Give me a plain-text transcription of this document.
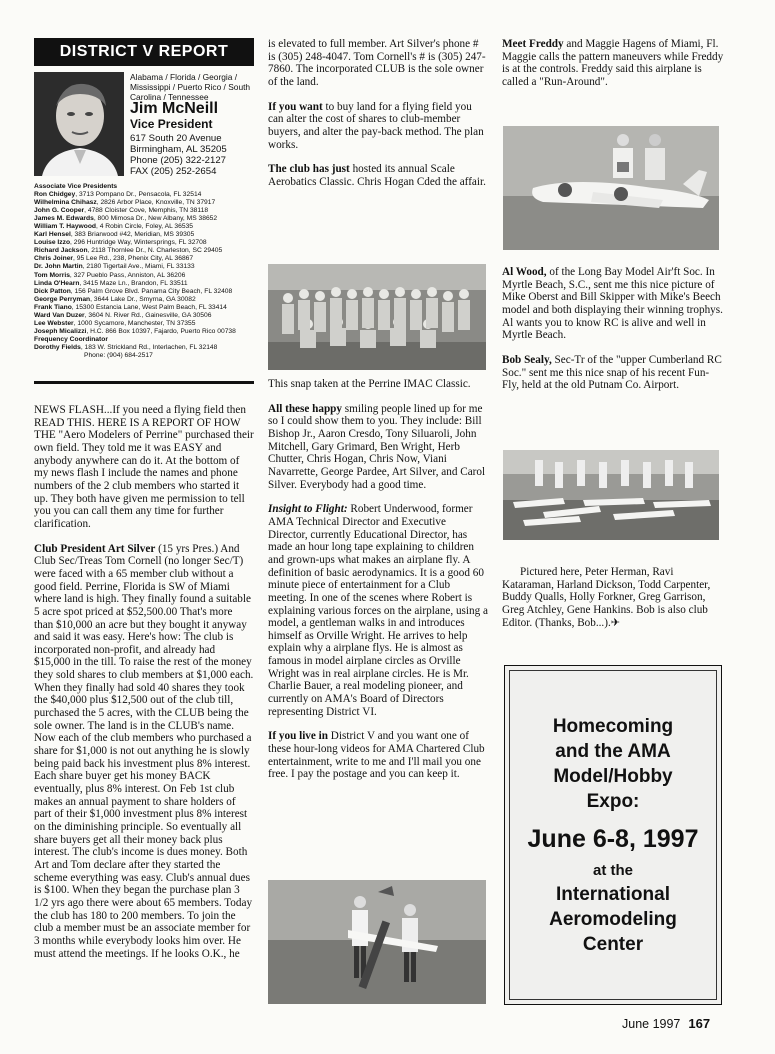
DISTRICT V REPORT
Alabama / Florida / Georgia / Mississippi / Puerto Rico / South Carolina / Tennessee
Jim McNeill
Vice President
617 South 20 Avenue
Birmingham, AL 35205
Phone (205) 322-2127
FAX (205) 252-2654
Associate Vice Presidents
Ron Chidgey, 3713 Pompano Dr., Pensacola, FL 32514
Wilhelmina Chihasz, 2826 Arbor Place, Knoxville, TN 37917
John G. Cooper, 4788 Cloister Cove, Memphis, TN 38118
James M. Edwards, 800 Mimosa Dr., New Albany, MS 38652
William T. Haywood, 4 Robin Circle, Foley, AL 36535
Karl Hensel, 383 Briarwood #42, Meridian, MS 39305
Louise Izzo, 296 Huntridge Way, Wintersprings, FL 32708
Richard Jackson, 2118 Thornlee Dr., N. Charleston, SC 29405
Chris Joiner, 95 Lee Rd., 238, Phenix City, AL 36867
Dr. John Martin, 2180 Tigertail Ave., Miami, FL 33133
Tom Morris, 327 Pueblo Pass, Anniston, AL 36206
Linda O'Hearn, 3415 Maze Ln., Brandon, FL 33511
Dick Patton, 156 Palm Grove Blvd. Panama City Beach, FL 32408
George Perryman, 3644 Lake Dr., Smyrna, GA 30082
Frank Tiano, 15300 Estancia Lane, West Palm Beach, FL 33414
Ward Van Duzer, 3604 N. River Rd., Gainesville, GA 30506
Lee Webster, 1000 Sycamore, Manchester, TN 37355
Joseph Micalizzi, H.C. 866 Box 10397, Fajardo, Puerto Rico 00738
Frequency Coordinator
Dorothy Fields, 183 W. Strickland Rd., Interlachen, FL 32148
Phone: (904) 684-2517

NEWS FLASH...If you need a flying field then READ THIS. HERE IS A REPORT OF HOW THE "Aero Modelers of Perrine" purchased their own field. They told me it was EASY and anybody anywhere can do it. At the bottom of my news flash I include the names and phone numbers of the 2 club members who started it up. They both have given me permission to tell you you can call them any time for further clarification.

Club President Art Silver (15 yrs Pres.) And Club Sec/Treas Tom Cornell (no longer Sec/T) were faced with a 65 member club without a good field. Perrine, Florida is SW of Miami where land is high. They finally found a suitable 5 acre spot priced at $52,500.00 That's more than $10,000 an acre but they bought it anyway and said it was easy. Here's how: The club is incorporated non-profit, and already had $15,000 in the till. To raise the rest of the money they sold shares to club members at $1,000 each. When they finally had sold 40 shares they took the $40,000 plus $12,500 out of the club till, purchased the 5 acres, with the CLUB being the sole owner. The land is in the CLUB's name. Now each of the club members who purchased a share for $1,000 is not out anything he is slowly being paid back his investment plus 8% interest. Each share buyer get his money BACK eventually, plus 8% interest. On Feb 1st club makes an annual payment to share holders of part of their $1,000 investment plus 8% interest on the diminishing principle. So eventually all share buyers get all their money back plus interest. The club's income is dues money. Both Art and Tom declare after they started the scheme everything was easy. Club's annual dues is $100. When they began the purchase plan 3 1/2 yrs ago there were about 65 members. Today the club has 180 to 200 members. To join the club a member must be an associate member for 3 months while everybody looks him over. He must attend the meetings. If he looks O.K., he

is elevated to full member. Art Silver's phone # is (305) 248-4047. Tom Cornell's # is (305) 247-7860. The incorporated CLUB is the sole owner of the land.

If you want to buy land for a flying field you can alter the cost of shares to club-member buyers, and alter the pay-back method. The plan works.

The club has just hosted its annual Scale Aerobatics Classic. Chris Hogan Cded the affair.

This snap taken at the Perrine IMAC Classic.

All these happy smiling people lined up for me so I could show them to you. They include: Bill Bishop Jr., Aaron Cresdo, Tony Siluaroli, John Mitchell, Gary Grimard, Ben Wright, Herb Chutter, Chris Hogan, Chris Now, Viani Navarrette, George Pardee, Art Silver, and Carol Silver. Everybody had a good time.

Insight to Flight: Robert Underwood, former AMA Technical Director and Executive Director, currently Educational Director, has made an hour long tape explaining to children and grown-ups what makes an airplane fly. A definition of basic aerodynamics. It is a good 60 minute piece of entertainment for a Club meeting. In one of the scenes where Robert is explaining various forces on the airplane, using a model, a gentleman walks in and introduces himself as Orville Wright. He arrives to help explain why a airplane flys. He is almost as famous in model airplane circles as Orville Wright was in real airplane circles. He is Mr. Charlie Bauer, a real modeling pioneer, and currently on AMA's Board of Directors representing District VI.

If you live in District V and you want one of these hour-long videos for AMA Chartered Club entertainment, write to me and I'll mail you one free. I pay the postage and you can keep it.

Meet Freddy and Maggie Hagens of Miami, Fl. Maggie calls the pattern maneuvers while Freddy is at the controls. Freddy said this airplane is called a "Run-Around".

Al Wood, of the Long Bay Model Air'ft Soc. In Myrtle Beach, S.C., sent me this nice picture of Mike Oberst and Bill Skipper with Mike's Beech model and both displaying their winning trophys. Al wants you to know RC is alive and well in Myrtle Beach.

Bob Sealy, Sec-Tr of the "upper Cumberland RC Soc." sent me this nice snap of his recent Fun-Fly, held at the old Putnam Co. Airport.

Pictured here, Peter Herman, Ravi Kataraman, Harland Dickson, Todd Carpenter, Buddy Qualls, Holly Forkner, Greg Garrison, Greg Atchley, Gene Hankins. Bob is also club Editor. (Thanks, Bob...).✈

Homecoming
and the AMA
Model/Hobby
Expo:
June 6-8, 1997
at the
International
Aeromodeling
Center
June 1997 167
